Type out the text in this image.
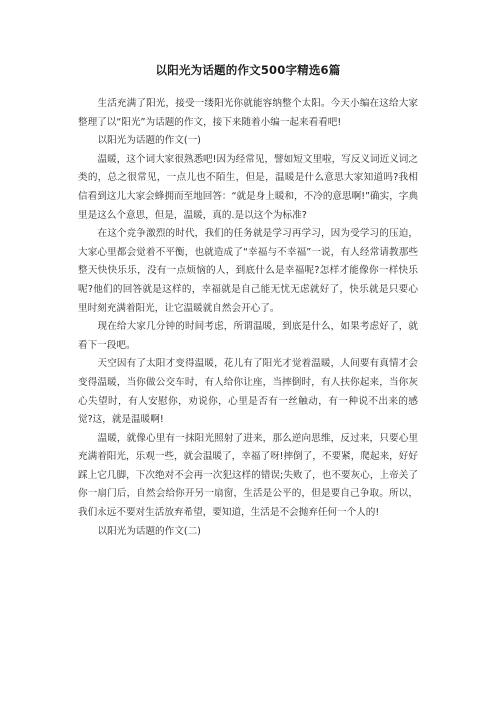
以阳光为话题的作文500字精选6篇

生活充满了阳光，接受一缕阳光你就能容纳整个太阳。今天小编在这给大家整理了以“阳光”为话题的作文，接下来随着小编一起来看看吧!

以阳光为话题的作文(一)

温暖，这个词大家很熟悉吧!因为经常见，譬如短文里啦，写反义词近义词之类的，总之很常见，一点儿也不陌生，但是，温暖是什么意思大家知道吗?我相信看到这儿大家会蜂拥而至地回答：“就是身上暖和，不冷的意思啊!”确实，字典里是这么个意思，但是，温暖，真的.是以这个为标准?

在这个竞争激烈的时代，我们的任务就是学习再学习，因为受学习的压迫，大家心里都会觉着不平衡，也就造成了“幸福与不幸福”一说，有人经常请教那些整天快快乐乐，没有一点烦恼的人，到底什么是幸福呢?怎样才能像你一样快乐呢?他们的回答就是这样的，幸福就是自己能无忧无虑就好了，快乐就是只要心里时刻充满着阳光，让它温暖就自然会开心了。

现在给大家几分钟的时间考虑，所谓温暖，到底是什么，如果考虑好了，就看下一段吧。

天空因有了太阳才变得温暖，花儿有了阳光才觉着温暖，人间要有真情才会变得温暖，当你做公交车时，有人给你让座，当摔倒时，有人扶你起来，当你灰心失望时，有人安慰你，劝说你，心里是否有一丝触动，有一种说不出来的感觉?这，就是温暖啊!

温暖，就像心里有一抹阳光照射了进来，那么逆向思维，反过来，只要心里充满着阳光，乐观一些，就会温暖了，幸福了呀!摔倒了，不要紧，爬起来，好好踩上它几脚，下次绝对不会再一次犯这样的错误;失败了，也不要灰心，上帝关了你一扇门后，自然会给你开另一扇窗，生活是公平的，但是要自己争取。所以，我们永远不要对生活放弃希望，要知道，生活是不会抛弃任何一个人的!

以阳光为话题的作文(二)
